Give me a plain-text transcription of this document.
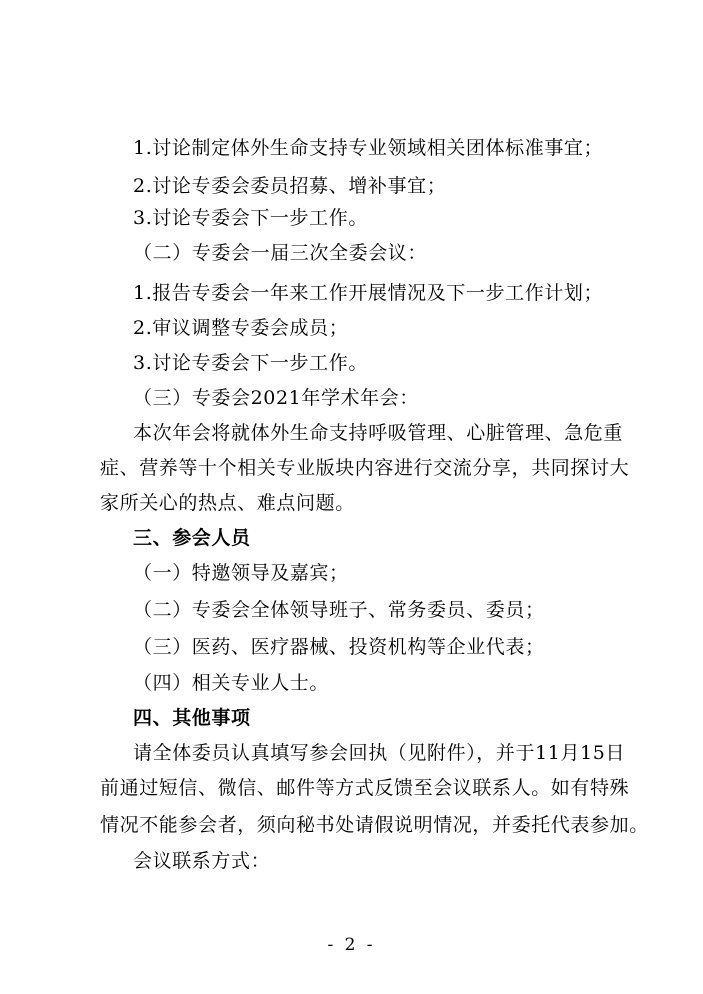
1.讨论制定体外生命支持专业领域相关团体标准事宜；
2.讨论专委会委员招募、增补事宜；
3.讨论专委会下一步工作。
（二）专委会一届三次全委会议：
1.报告专委会一年来工作开展情况及下一步工作计划；
2.审议调整专委会成员；
3.讨论专委会下一步工作。
（三）专委会2021年学术年会：
本次年会将就体外生命支持呼吸管理、心脏管理、急危重
症、营养等十个相关专业版块内容进行交流分享，共同探讨大
家所关心的热点、难点问题。
三、参会人员
（一）特邀领导及嘉宾；
（二）专委会全体领导班子、常务委员、委员；
（三）医药、医疗器械、投资机构等企业代表；
（四）相关专业人士。
四、其他事项
请全体委员认真填写参会回执（见附件），并于11月15日
前通过短信、微信、邮件等方式反馈至会议联系人。如有特殊
情况不能参会者，须向秘书处请假说明情况，并委托代表参加。
会议联系方式：
- 2 -
